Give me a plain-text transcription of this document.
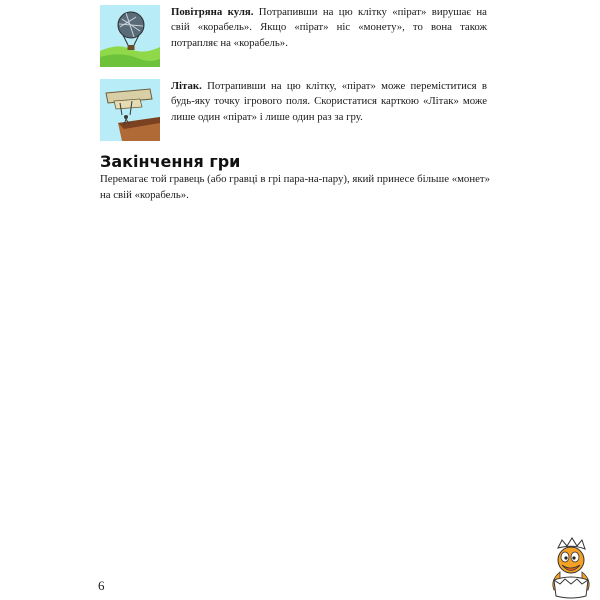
Повітряна куля. Потрапивши на цю клітку «пірат» вирушає на свій «корабель». Якщо «пірат» ніс «монету», то вона також потрапляє на «корабель».

Літак. Потрапивши на цю клітку, «пірат» може переміститися в будь-яку точку ігрового поля. Скористатися карткою «Літак» може лише один «пірат» і лише один раз за гру.

Закінчення гри
Перемагає той гравець (або гравці в грі пара-на-пару), який принесе більше «монет» на свій «корабель».
6
